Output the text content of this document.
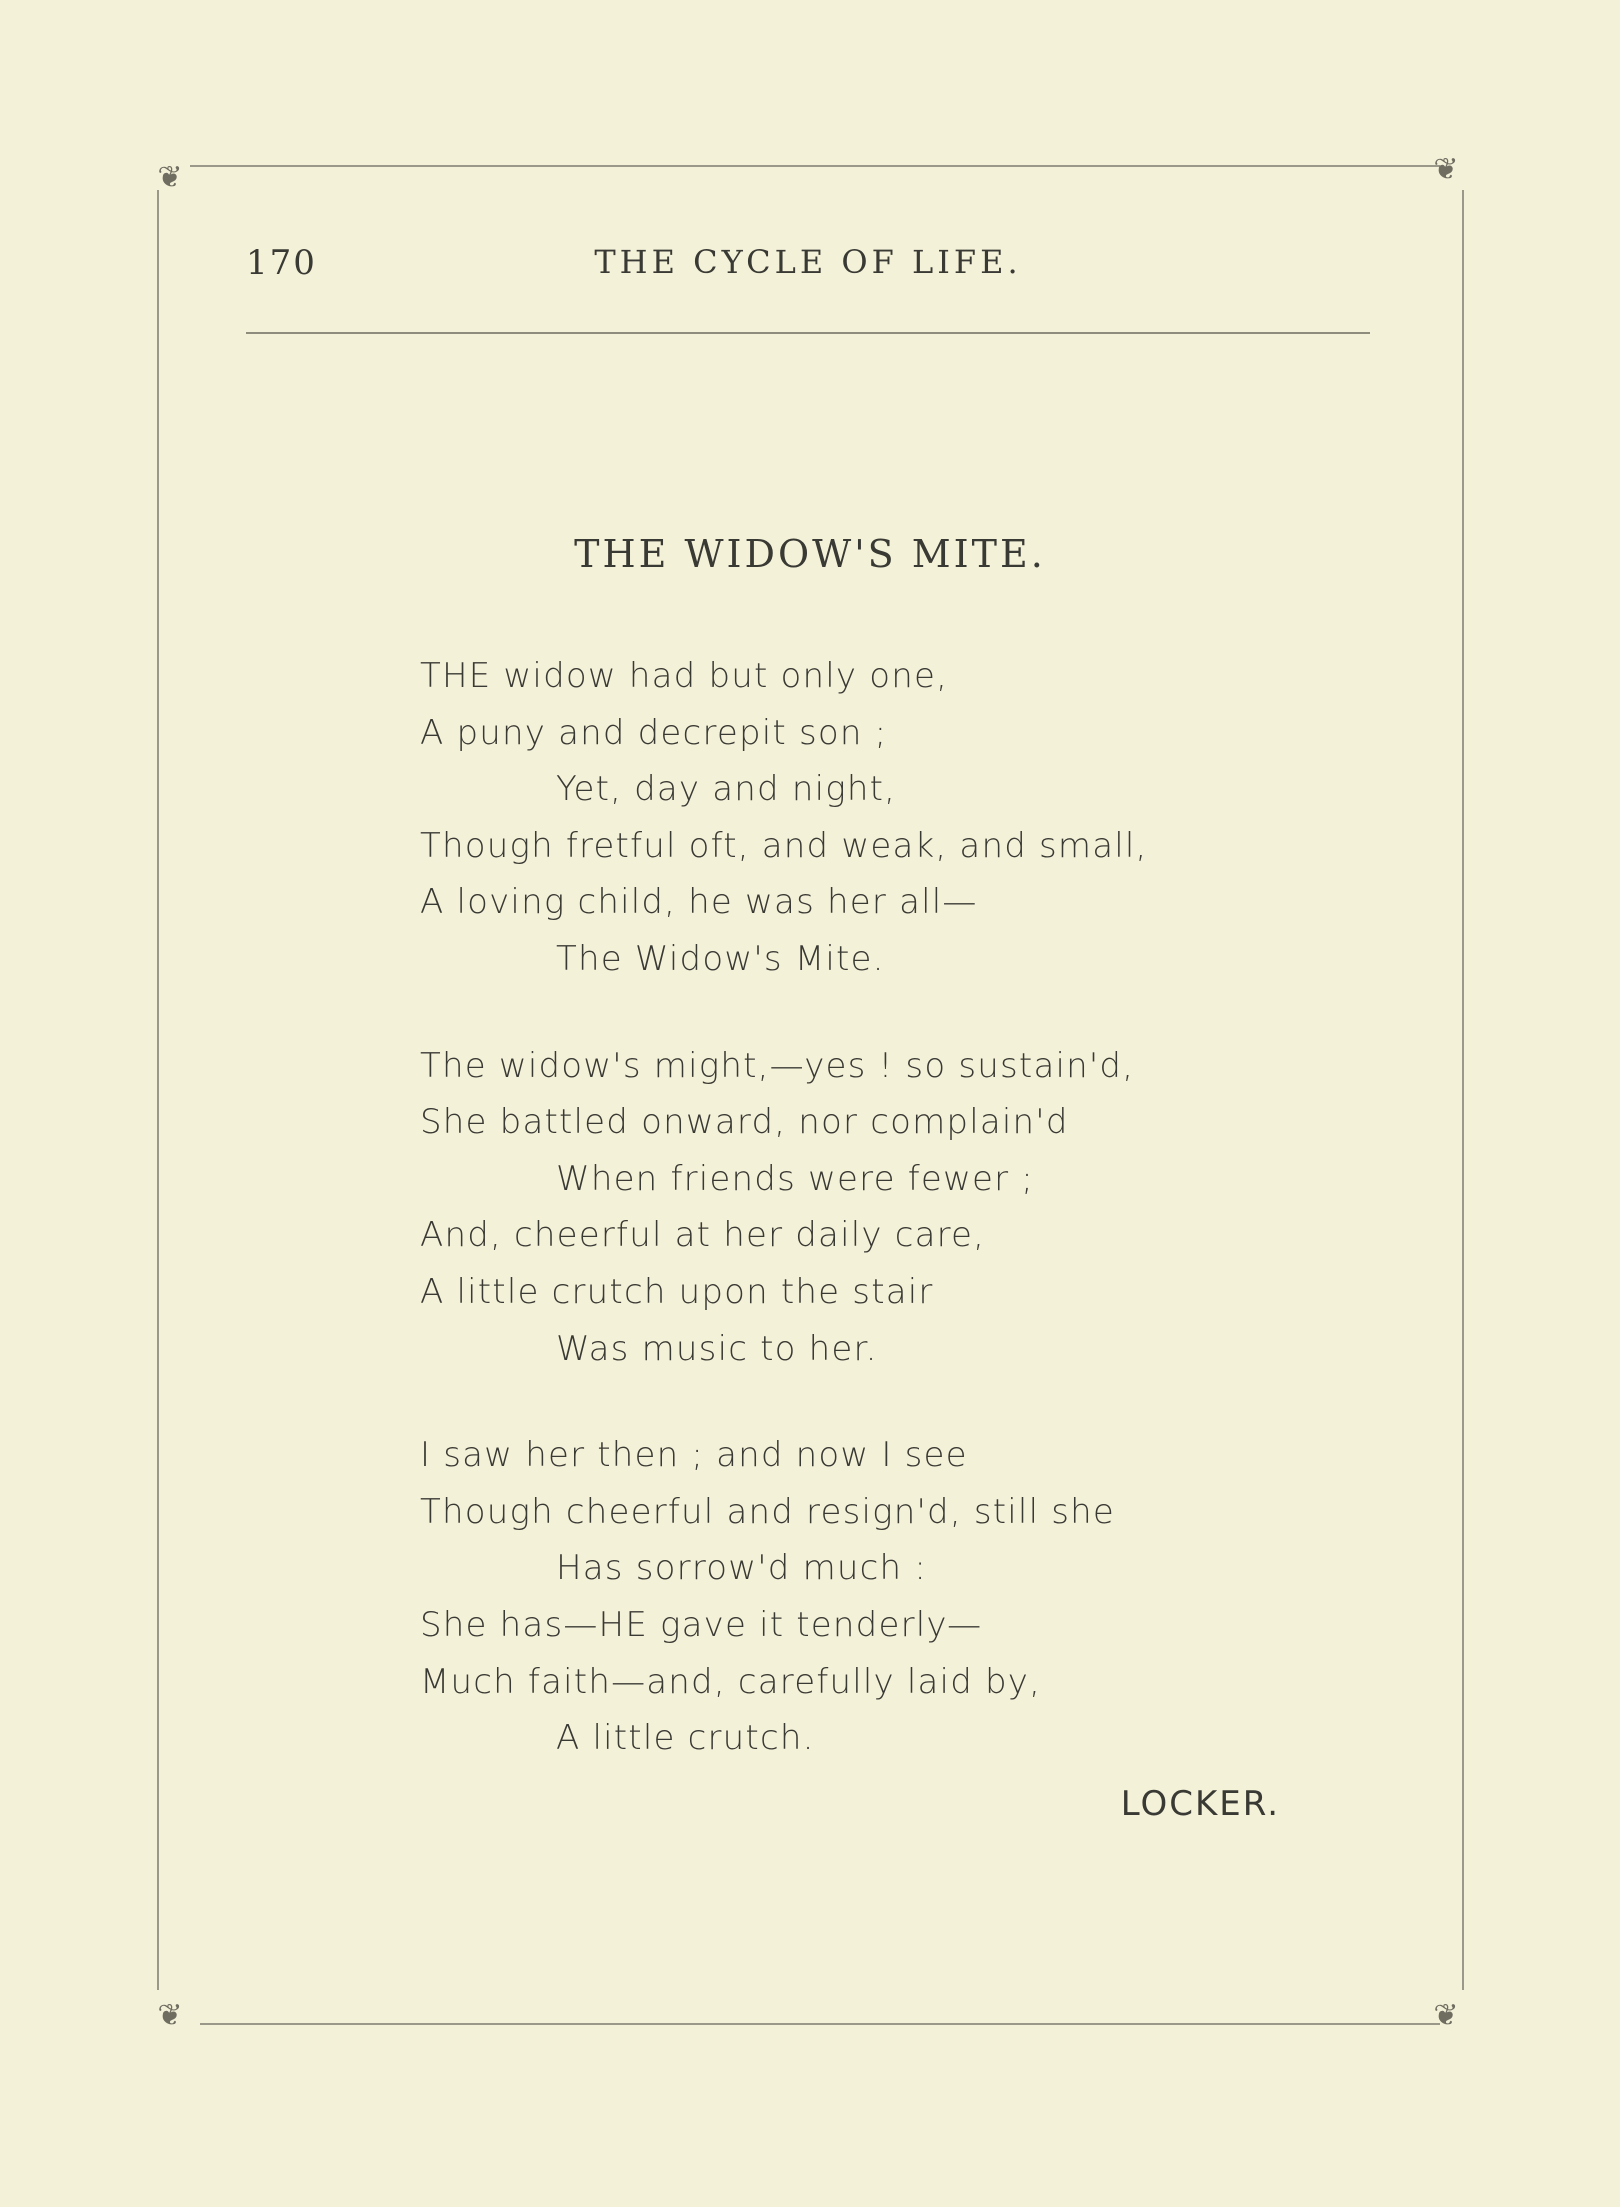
❦	❦
❦	❦
170	THE CYCLE OF LIFE.
THE WIDOW'S MITE.
THE widow had but only one,
A puny and decrepit son ;
Yet, day and night,
Though fretful oft, and weak, and small,
A loving child, he was her all—
The Widow's Mite.
The widow's might,—yes ! so sustain'd,
She battled onward, nor complain'd
When friends were fewer ;
And, cheerful at her daily care,
A little crutch upon the stair
Was music to her.
I saw her then ; and now I see
Though cheerful and resign'd, still she
Has sorrow'd much :
She has—HE gave it tenderly—
Much faith—and, carefully laid by,
A little crutch.
LOCKER.
